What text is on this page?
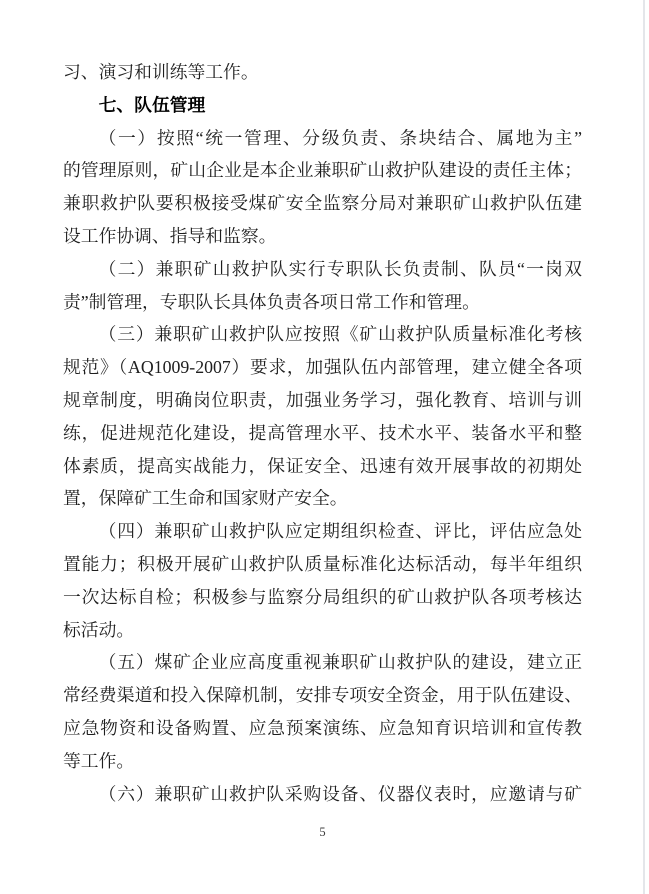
习、演习和训练等工作。
七、队伍管理
（一）按照“统一管理、分级负责、条块结合、属地为主”
的管理原则，矿山企业是本企业兼职矿山救护队建设的责任主体；
兼职救护队要积极接受煤矿安全监察分局对兼职矿山救护队伍建
设工作协调、指导和监察。
（二）兼职矿山救护队实行专职队长负责制、队员“一岗双
责”制管理，专职队长具体负责各项日常工作和管理。
（三）兼职矿山救护队应按照《矿山救护队质量标准化考核
规范》（AQ1009-2007）要求，加强队伍内部管理，建立健全各项
规章制度，明确岗位职责，加强业务学习，强化教育、培训与训
练，促进规范化建设，提高管理水平、技术水平、装备水平和整
体素质，提高实战能力，保证安全、迅速有效开展事故的初期处
置，保障矿工生命和国家财产安全。
（四）兼职矿山救护队应定期组织检查、评比，评估应急处
置能力；积极开展矿山救护队质量标准化达标活动，每半年组织
一次达标自检；积极参与监察分局组织的矿山救护队各项考核达
标活动。
（五）煤矿企业应高度重视兼职矿山救护队的建设，建立正
常经费渠道和投入保障机制，安排专项安全资金，用于队伍建设、
应急物资和设备购置、应急预案演练、应急知育识培训和宣传教
等工作。
（六）兼职矿山救护队采购设备、仪器仪表时，应邀请与矿
5
